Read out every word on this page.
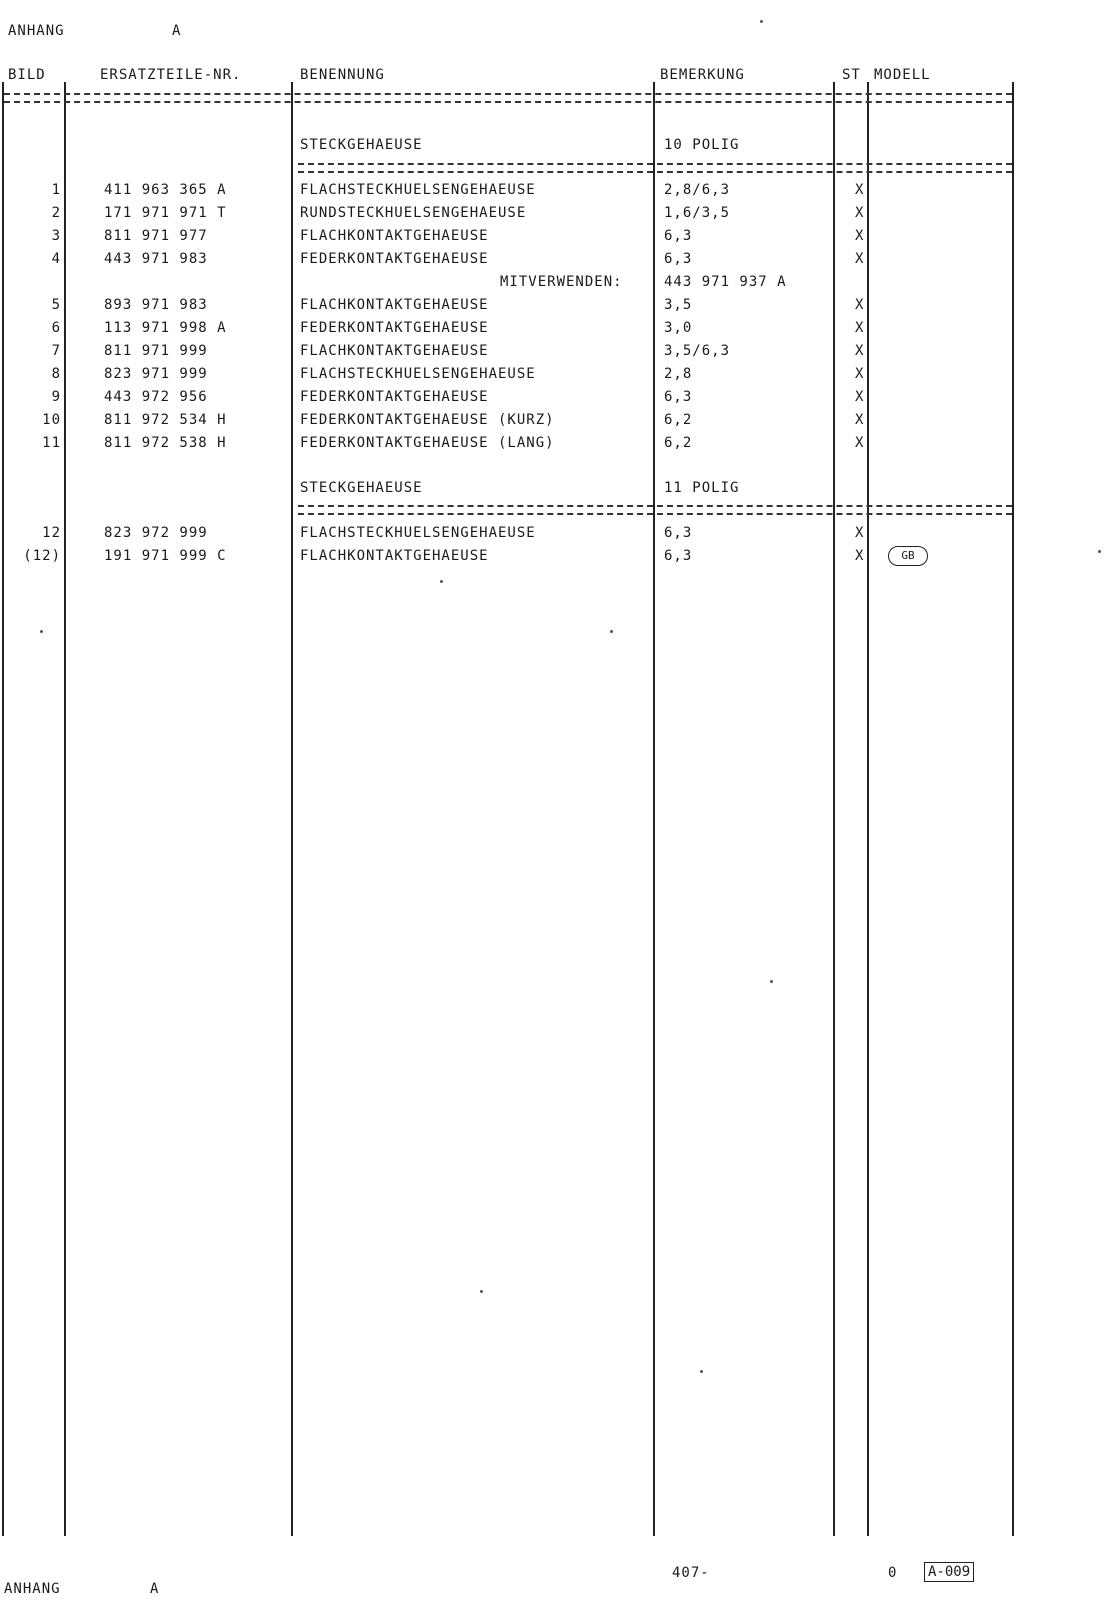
ANHANG	A
BILD	ERSATZTEILE-NR.	BENENNUNG	BEMERKUNG	ST MODELL
STECKGEHAEUSE	10 POLIG
1	411 963 365 A	FLACHSTECKHUELSENGEHAEUSE	2,8/6,3	X
2	171 971 971 T	RUNDSTECKHUELSENGEHAEUSE	1,6/3,5	X
3	811 971 977	FLACHKONTAKTGEHAEUSE	6,3	X
4	443 971 983	FEDERKONTAKTGEHAEUSE	6,3	X
MITVERWENDEN:	443 971 937 A
5	893 971 983	FLACHKONTAKTGEHAEUSE	3,5	X
6	113 971 998 A	FEDERKONTAKTGEHAEUSE	3,0	X
7	811 971 999	FLACHKONTAKTGEHAEUSE	3,5/6,3	X
8	823 971 999	FLACHSTECKHUELSENGEHAEUSE	2,8	X
9	443 972 956	FEDERKONTAKTGEHAEUSE	6,3	X
10	811 972 534 H	FEDERKONTAKTGEHAEUSE (KURZ)	6,2	X
11	811 972 538 H	FEDERKONTAKTGEHAEUSE (LANG)	6,2	X
STECKGEHAEUSE	11 POLIG
12	823 972 999	FLACHSTECKHUELSENGEHAEUSE	6,3	X
(12)	191 971 999 C	FLACHKONTAKTGEHAEUSE	6,3	X	GB
407-	0 A-009
ANHANG	A
